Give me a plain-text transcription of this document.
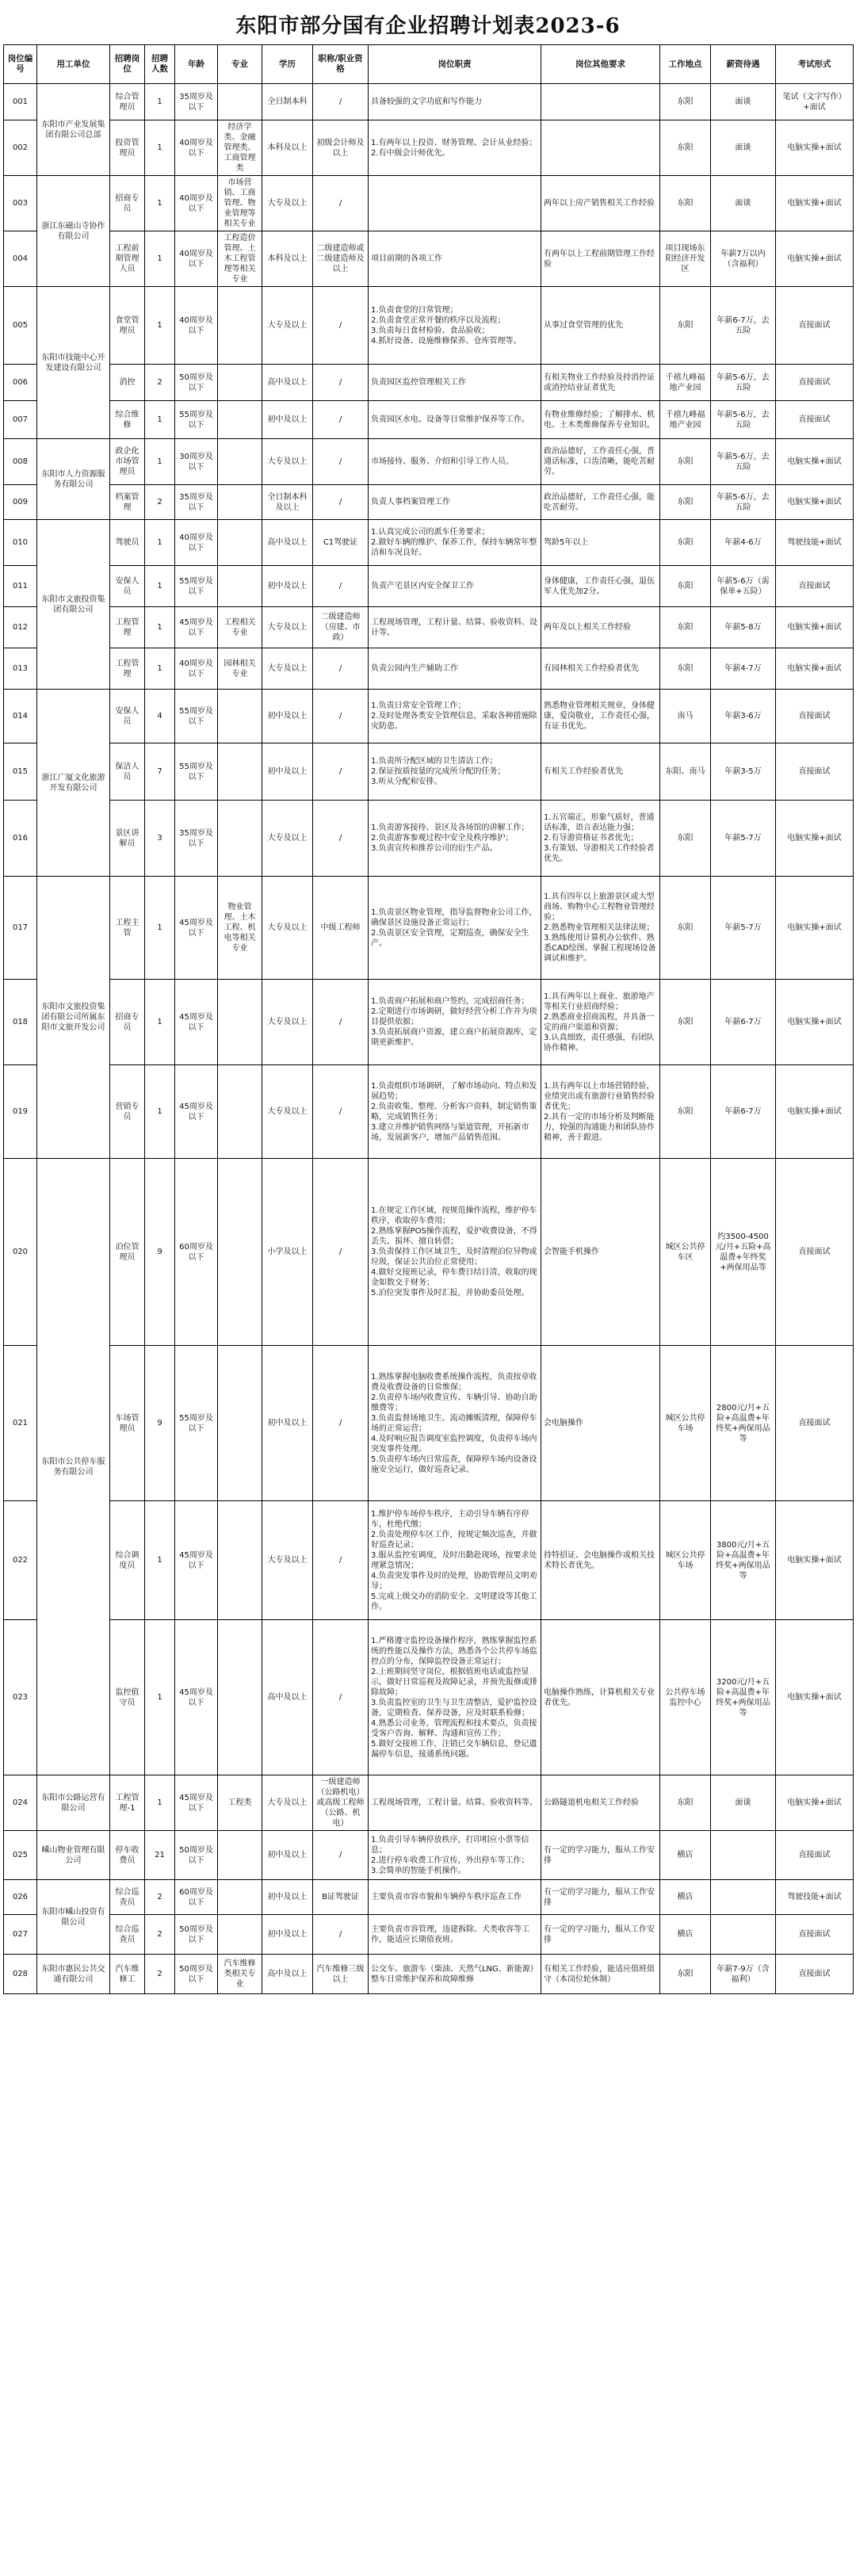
东阳市部分国有企业招聘计划表2023-6
岗位编号	用工单位	招聘岗位	招聘人数	年龄	专业	学历	职称/职业资格	岗位职责	岗位其他要求	工作地点	薪资待遇	考试形式
001	东阳市产业发展集团有限公司总部	综合管理员	1	35周岁及以下		全日制本科	/	具备较强的文字功底和写作能力		东阳	面谈	笔试（文字写作）+面试
002		投资管理员	1	40周岁及以下	经济学类、金融管理类、工商管理类	本科及以上	初级会计师及以上	1.有两年以上投资、财务管理、会计从业经验；
2.有中级会计师优先。		东阳	面谈	电脑实操+面试
003	浙江东磁山寺协作有限公司	招商专员	1	40周岁及以下	市场营销、工商管理、物业管理等相关专业	大专及以上	/		两年以上房产销售相关工作经验	东阳	面谈	电脑实操+面试
004		工程前期管理人员	1	40周岁及以下	工程造价管理、土木工程管理等相关专业	本科及以上	二级建造师或二级建造师及以上	项目前期的各项工作	有两年以上工程前期管理工作经验	项目现场东阳经济开发区	年薪7万以内（含福利）	电脑实操+面试
005	东阳市技能中心开发建设有限公司	食堂管理员	1	40周岁及以下		大专及以上	/	1.负责食堂的日常管理；
2.负责食堂正常开餐的秩序以及流程；
3.负责每日食材检验、食品验收；
4.抓好设备、设施维修保养、仓库管理等。	从事过食堂管理的优先	东阳	年薪6-7万，去五险	直接面试
006		消控	2	50周岁及以下		高中及以上	/	负责园区监控管理相关工作	有相关物业工作经验及持消控证或消控结业证者优先	千禧九峰福地产业园	年薪5-6万，去五险	直接面试
007		综合维修	1	55周岁及以下		初中及以上	/	负责园区水电、设备等日常维护保养等工作。	有物业维修经验；了解排水、机电、土木类维修保养专业知识。	千禧九峰福地产业园	年薪5-6万，去五险	直接面试
008	东阳市人力资源服务有限公司	政企化市场管理员	1	30周岁及以下		大专及以上	/	市场接待、服务、介绍和引导工作人员。	政治品德好，工作责任心强，普通话标准，口齿清晰，能吃苦耐劳。	东阳	年薪5-6万，去五险	电脑实操+面试
009		档案管理	2	35周岁及以下		全日制本科及以上	/	负责人事档案管理工作	政治品德好，工作责任心强，能吃苦耐劳。	东阳	年薪5-6万，去五险	电脑实操+面试
010	东阳市文旅投资集团有限公司	驾驶员	1	40周岁及以下		高中及以上	C1驾驶证	1.认真完成公司的派车任务要求；
2.做好车辆的维护、保养工作，保持车辆常年整洁和车况良好。	驾龄5年以上	东阳	年薪4-6万	驾驶技能+面试
011		安保人员	1	55周岁及以下		初中及以上	/	负责产宅景区内安全保卫工作	身体健康，工作责任心强，退伍军人优先加2分。	东阳	年薪5-6万（需保单+五险）	直接面试
012		工程管理	1	45周岁及以下	工程相关专业	大专及以上	二级建造师（房建、市政）	工程现场管理，工程计量、结算、验收资料、设计等。	两年及以上相关工作经验	东阳	年薪5-8万	电脑实操+面试
013		工程管理	1	40周岁及以下	园林相关专业	大专及以上	/	负责公园内生产辅助工作	有园林相关工作经验者优先	东阳	年薪4-7万	电脑实操+面试
014	浙江广厦文化旅游开发有限公司	安保人员	4	55周岁及以下		初中及以上	/	1.负责日常安全管理工作；
2.及时处理各类安全管理信息，采取各种措施除灾防患。	熟悉物业管理相关规章，身体健康，爱岗敬业，工作责任心强，有证书优先。	南马	年薪3-6万	直接面试
015		保洁人员	7	55周岁及以下		初中及以上	/	1.负责所分配区域的卫生清洁工作；
2.保证按质按量的完成所分配的任务；
3.听从分配和安排。	有相关工作经验者优先	东阳、南马	年薪3-5万	直接面试
016		景区讲解员	3	35周岁及以下		大专及以上	/	1.负责游客接待、景区及各场馆的讲解工作；
2.负责游客参观过程中安全及秩序维护；
3.负责宣传和推荐公司的衍生产品。	1.五官端正，形象气质好，普通话标准，语言表达能力强；
2.有导游资格证书者优先；
3.有策划、导游相关工作经验者优先。	东阳	年薪5-7万	电脑实操+面试
017	东阳市文旅投资集团有限公司所属东阳市文旅开发公司	工程主管	1	45周岁及以下	物业管理、土木工程、机电等相关专业	大专及以上	中级工程师	1.负责景区物业管理，指导监督物业公司工作，确保景区设施设备正常运行；
2.负责景区安全管理，定期巡查，确保安全生产。	1.具有四年以上旅游景区或大型商场、购物中心工程物业管理经验；
2.熟悉物业管理相关法律法规；
3.熟练使用计算机办公软件、熟悉CAD绘图、掌握工程现场设备调试和维护。	东阳	年薪5-7万	电脑实操+面试
018		招商专员	1	45周岁及以下		大专及以上	/	1.负责商户拓展和商户签约，完成招商任务；
2.定期进行市场调研，做好经营分析工作并为项目提供依据；
3.负责拓展商户资源，建立商户拓展资源库，定期更新维护。	1.具有两年以上商业、旅游地产等相关行业招商经验；
2.熟悉商业招商流程，并具备一定的商户渠道和资源；
3.认真细致，责任感强，有团队协作精神。	东阳	年薪6-7万	电脑实操+面试
019		营销专员	1	45周岁及以下		大专及以上	/	1.负责组织市场调研，了解市场动向、特点和发展趋势；
2.负责收集、整理、分析客户资料，制定销售策略，完成销售任务；
3.建立并维护销售网络与渠道管理，开拓新市场，发展新客户，增加产品销售范围。	1.具有两年以上市场营销经验，业绩突出或有旅游行业销售经验者优先；
2.具有一定的市场分析及判断能力，较强的沟通能力和团队协作精神，善于跟进。	东阳	年薪6-7万	电脑实操+面试
020	东阳市公共停车服务有限公司	泊位管理员	9	60周岁及以下		小学及以上	/	1.在规定工作区域，按规范操作流程，维护停车秩序，收取停车费用；
2.熟练掌握POS操作流程，爱护收费设备，不得丢失、损坏、擅自转借；
3.负责保持工作区域卫生，及时清理泊位异物或垃圾，保证公共泊位正常使用；
4.做好交接班记录，停车费日结日清，收取的现金如数交于财务；
5.泊位突发事件及时汇报，并协助委员处理。	会智能手机操作	城区公共停车区	约3500-4500元/月+五险+高温费+年终奖+两保用品等	直接面试
021		车场管理员	9	55周岁及以下		初中及以上	/	1.熟练掌握电脑收费系统操作流程，负责按章收费及收费设备的日常维保；
2.负责停车场内收费宣传、车辆引导、协助自助缴费等；
3.负责监督场地卫生、流动摊贩清理，保障停车场的正常运营；
4.及时响应报告调度室监控调度，负责停车场内突发事件处理。
5.负责停车场内日常巡查，保障停车场内设备设施安全运行，做好巡查记录。	会电脑操作	城区公共停车场	2800元/月+五险+高温费+年终奖+两保用品等	直接面试
022		综合调度员	1	45周岁及以下		大专及以上	/	1.维护停车场停车秩序，主动引导车辆有序停车，杜绝代缴；
2.负责处理停车区工作，按规定频次巡查，并做好巡查记录；
3.服从监控室调度，及时出勤赴现场，按要求处理紧急情况；
4.负责突发事件及时的处理，协助管理员文明劝导；
5.完成上级交办的消防安全、文明建设等其他工作。	持特招证、会电脑操作或相关技术特长者优先。	城区公共停车场	3800元/月+五险+高温费+年终奖+两保用品等	电脑实操+面试
023		监控值守员	1	45周岁及以下		高中及以上	/	1.严格遵守监控设备操作程序，熟练掌握监控系统的性能以及操作方法，熟悉各个公共停车场监控点的分布，保障监控设备正常运行；
2.上班期间坚守岗位，根据值班电话或监控显示，做好日常巡视及故障记录，并预先报修或排除故障；
3.负责监控室的卫生与卫生清整洁，爱护监控设备，定期检查、保养设备，应及时联系检修；
4.熟悉公司业务，管理流程和技术要点，负责接受客户咨询、解释、沟通和宣传工作；
5.做好交接班工作，注销已交车辆信息，登记遗漏停车信息，接通系统问题。	电脑操作熟练，计算机相关专业者优先。	公共停车场监控中心	3200元/月+五险+高温费+年终奖+两保用品等	电脑实操+面试
024	东阳市公路运营有限公司	工程管理-1	1	45周岁及以下	工程类	大专及以上	一级建造师（公路机电）或高级工程师（公路、机电）	工程现场管理，工程计量、结算、验收资料等。	公路隧道机电相关工作经验	东阳	面谈	电脑实操+面试
025	嵊山物业管理有限公司	停车收费员	21	50周岁及以下		初中及以上	/	1.负责引导车辆停放秩序，打印相应小票等信息；
2.进行停车收费工作宣传，外出停车等工作；
3.会简单的智能手机操作。	有一定的学习能力，服从工作安排	横店		直接面试
026	东阳市嵊山投资有限公司	综合巡查员	2	60周岁及以下		初中及以上	B证驾驶证	主要负责市容市貌和车辆停车秩序巡查工作	有一定的学习能力，服从工作安排	横店		驾驶技能+面试
027		综合巡查员	2	50周岁及以下		初中及以上	/	主要负责市容管理，违建拆除、犬类收容等工作，能适应长期值夜班。	有一定的学习能力，服从工作安排	横店		直接面试
028	东阳市惠民公共交通有限公司	汽车维修工	2	50周岁及以下	汽车维修类相关专业	高中及以上	汽车维修三级以上	公交车、旅游车（柴油、天然气LNG、新能源）整车日常维护保养和故障维修	有相关工作经验，能适应值班值守（本岗位轮休制）	东阳	年薪7-9万（含福利）	直接面试
